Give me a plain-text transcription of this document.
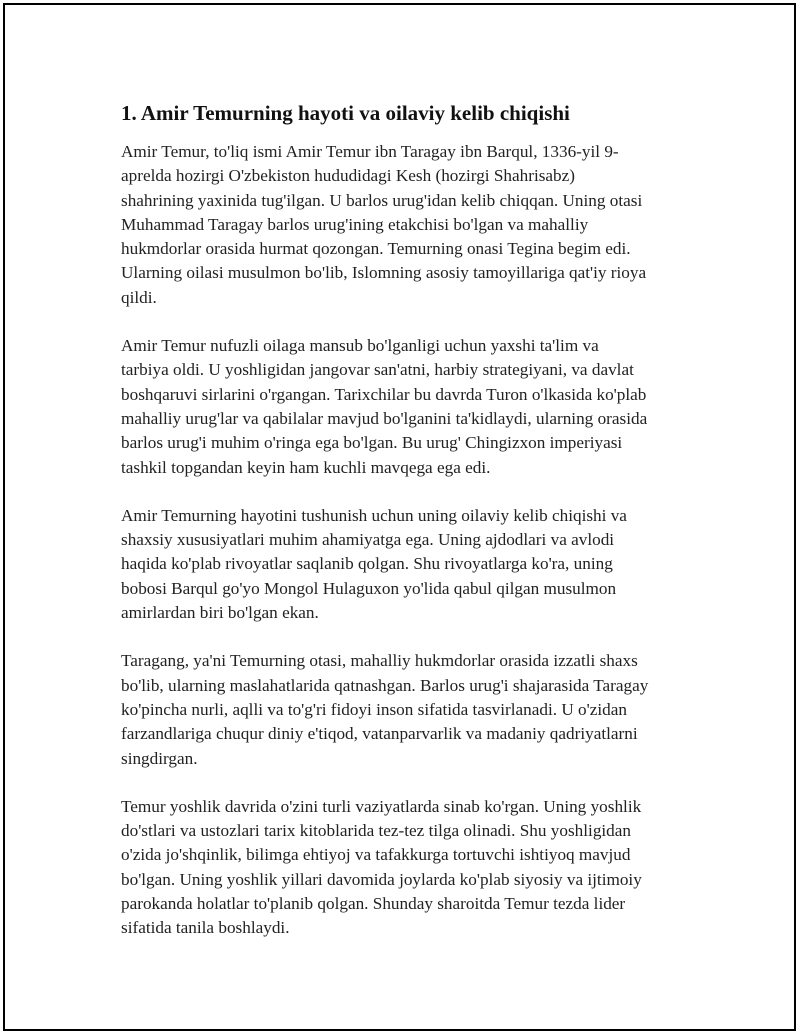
1. Amir Temurning hayoti va oilaviy kelib chiqishi

Amir Temur, to'liq ismi Amir Temur ibn Taragay ibn Barqul, 1336-yil 9-
aprelda hozirgi O'zbekiston hududidagi Kesh (hozirgi Shahrisabz)
shahrining yaxinida tug'ilgan. U barlos urug'idan kelib chiqqan. Uning otasi
Muhammad Taragay barlos urug'ining etakchisi bo'lgan va mahalliy
hukmdorlar orasida hurmat qozongan. Temurning onasi Tegina begim edi.
Ularning oilasi musulmon bo'lib, Islomning asosiy tamoyillariga qat'iy rioya
qildi.

Amir Temur nufuzli oilaga mansub bo'lganligi uchun yaxshi ta'lim va
tarbiya oldi. U yoshligidan jangovar san'atni, harbiy strategiyani, va davlat
boshqaruvi sirlarini o'rgangan. Tarixchilar bu davrda Turon o'lkasida ko'plab
mahalliy urug'lar va qabilalar mavjud bo'lganini ta'kidlaydi, ularning orasida
barlos urug'i muhim o'ringa ega bo'lgan. Bu urug' Chingizxon imperiyasi
tashkil topgandan keyin ham kuchli mavqega ega edi.

Amir Temurning hayotini tushunish uchun uning oilaviy kelib chiqishi va
shaxsiy xususiyatlari muhim ahamiyatga ega. Uning ajdodlari va avlodi
haqida ko'plab rivoyatlar saqlanib qolgan. Shu rivoyatlarga ko'ra, uning
bobosi Barqul go'yo Mongol Hulaguxon yo'lida qabul qilgan musulmon
amirlardan biri bo'lgan ekan.

Taragang, ya'ni Temurning otasi, mahalliy hukmdorlar orasida izzatli shaxs
bo'lib, ularning maslahatlarida qatnashgan. Barlos urug'i shajarasida Taragay
ko'pincha nurli, aqlli va to'g'ri fidoyi inson sifatida tasvirlanadi. U o'zidan
farzandlariga chuqur diniy e'tiqod, vatanparvarlik va madaniy qadriyatlarni
singdirgan.

Temur yoshlik davrida o'zini turli vaziyatlarda sinab ko'rgan. Uning yoshlik
do'stlari va ustozlari tarix kitoblarida tez-tez tilga olinadi. Shu yoshligidan
o'zida jo'shqinlik, bilimga ehtiyoj va tafakkurga tortuvchi ishtiyoq mavjud
bo'lgan. Uning yoshlik yillari davomida joylarda ko'plab siyosiy va ijtimoiy
parokanda holatlar to'planib qolgan. Shunday sharoitda Temur tezda lider
sifatida tanila boshlaydi.
